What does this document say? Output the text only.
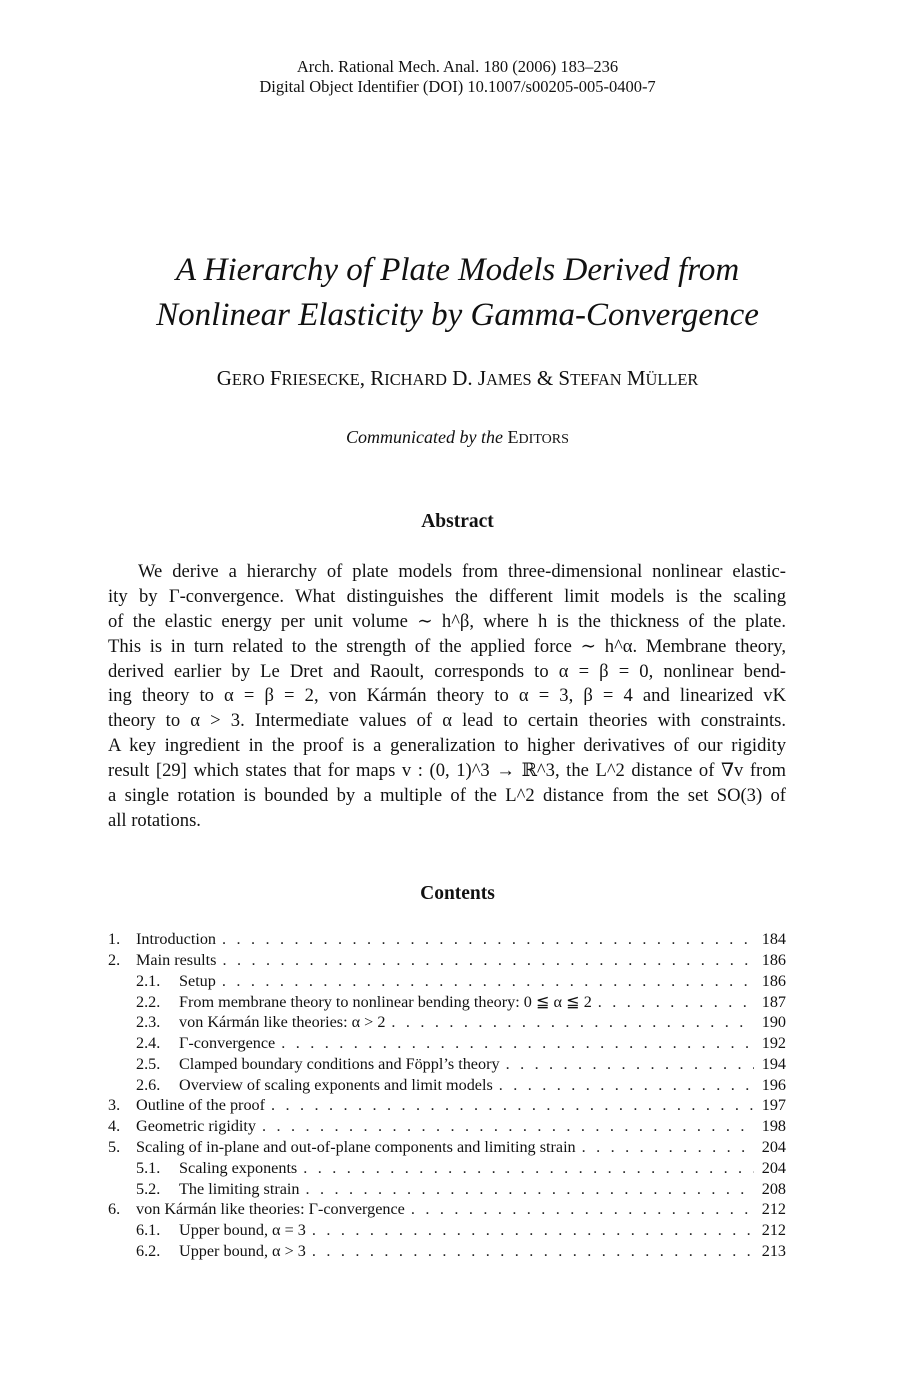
Arch. Rational Mech. Anal. 180 (2006) 183–236
Digital Object Identifier (DOI) 10.1007/s00205-005-0400-7
A Hierarchy of Plate Models Derived from
Nonlinear Elasticity by Gamma-Convergence
GERO FRIESECKE, RICHARD D. JAMES & STEFAN MÜLLER
Communicated by the EDITORS
Abstract
We derive a hierarchy of plate models from three-dimensional nonlinear elastic-
ity by Γ-convergence. What distinguishes the different limit models is the scaling
of the elastic energy per unit volume ∼ h^β, where h is the thickness of the plate.
This is in turn related to the strength of the applied force ∼ h^α. Membrane theory,
derived earlier by Le Dret and Raoult, corresponds to α = β = 0, nonlinear bend-
ing theory to α = β = 2, von Kármán theory to α = 3, β = 4 and linearized vK
theory to α > 3. Intermediate values of α lead to certain theories with constraints.
A key ingredient in the proof is a generalization to higher derivatives of our rigidity
result [29] which states that for maps v : (0, 1)^3 → ℝ^3, the L^2 distance of ∇v from
a single rotation is bounded by a multiple of the L^2 distance from the set SO(3) of
all rotations.
Contents
1. Introduction . . .	184
2. Main results . . .	186
2.1.	Setup . . .	186
2.2.	From membrane theory to nonlinear bending theory: 0 ≦ α ≦ 2 . . .	187
2.3.	von Kármán like theories: α > 2 . . .	190
2.4.	Γ-convergence . . .	192
2.5.	Clamped boundary conditions and Föppl’s theory . . .	194
2.6.	Overview of scaling exponents and limit models . . .	196
3. Outline of the proof . . .	197
4. Geometric rigidity . . .	198
5. Scaling of in-plane and out-of-plane components and limiting strain . . .	204
5.1.	Scaling exponents . . .	204
5.2.	The limiting strain . . .	208
6. von Kármán like theories: Γ-convergence . . .	212
6.1.	Upper bound, α = 3 . . .	212
6.2.	Upper bound, α > 3 . . .	213
